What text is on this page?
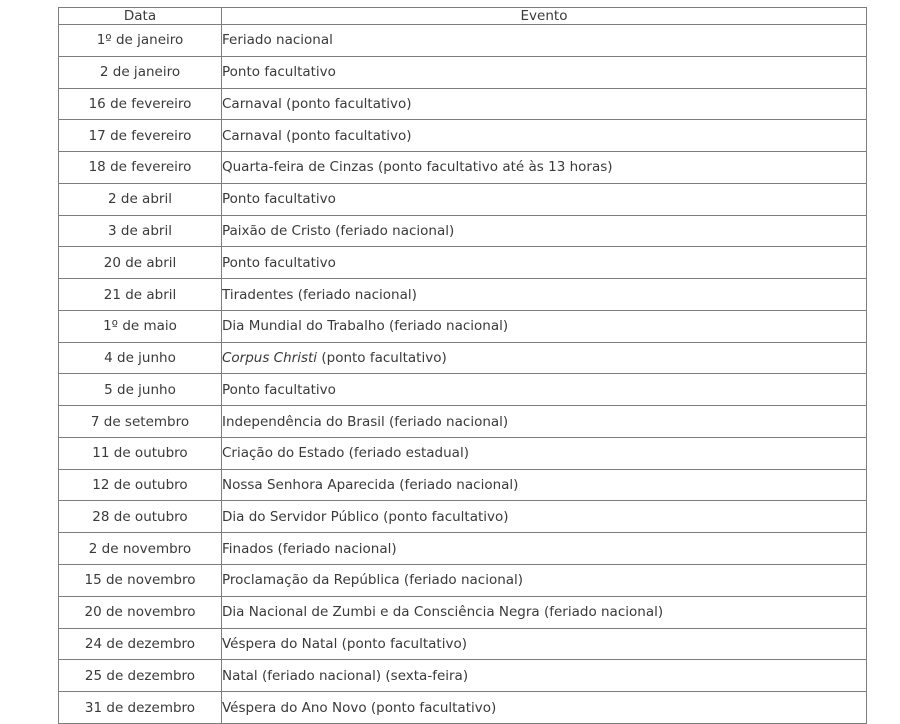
Data	Evento
1º de janeiro	Feriado nacional
2 de janeiro	Ponto facultativo
16 de fevereiro	Carnaval (ponto facultativo)
17 de fevereiro	Carnaval (ponto facultativo)
18 de fevereiro	Quarta-feira de Cinzas (ponto facultativo até às 13 horas)
2 de abril	Ponto facultativo
3 de abril	Paixão de Cristo (feriado nacional)
20 de abril	Ponto facultativo
21 de abril	Tiradentes (feriado nacional)
1º de maio	Dia Mundial do Trabalho (feriado nacional)
4 de junho	Corpus Christi (ponto facultativo)
5 de junho	Ponto facultativo
7 de setembro	Independência do Brasil (feriado nacional)
11 de outubro	Criação do Estado (feriado estadual)
12 de outubro	Nossa Senhora Aparecida (feriado nacional)
28 de outubro	Dia do Servidor Público (ponto facultativo)
2 de novembro	Finados (feriado nacional)
15 de novembro	Proclamação da República (feriado nacional)
20 de novembro	Dia Nacional de Zumbi e da Consciência Negra (feriado nacional)
24 de dezembro	Véspera do Natal (ponto facultativo)
25 de dezembro	Natal (feriado nacional) (sexta-feira)
31 de dezembro	Véspera do Ano Novo (ponto facultativo)
